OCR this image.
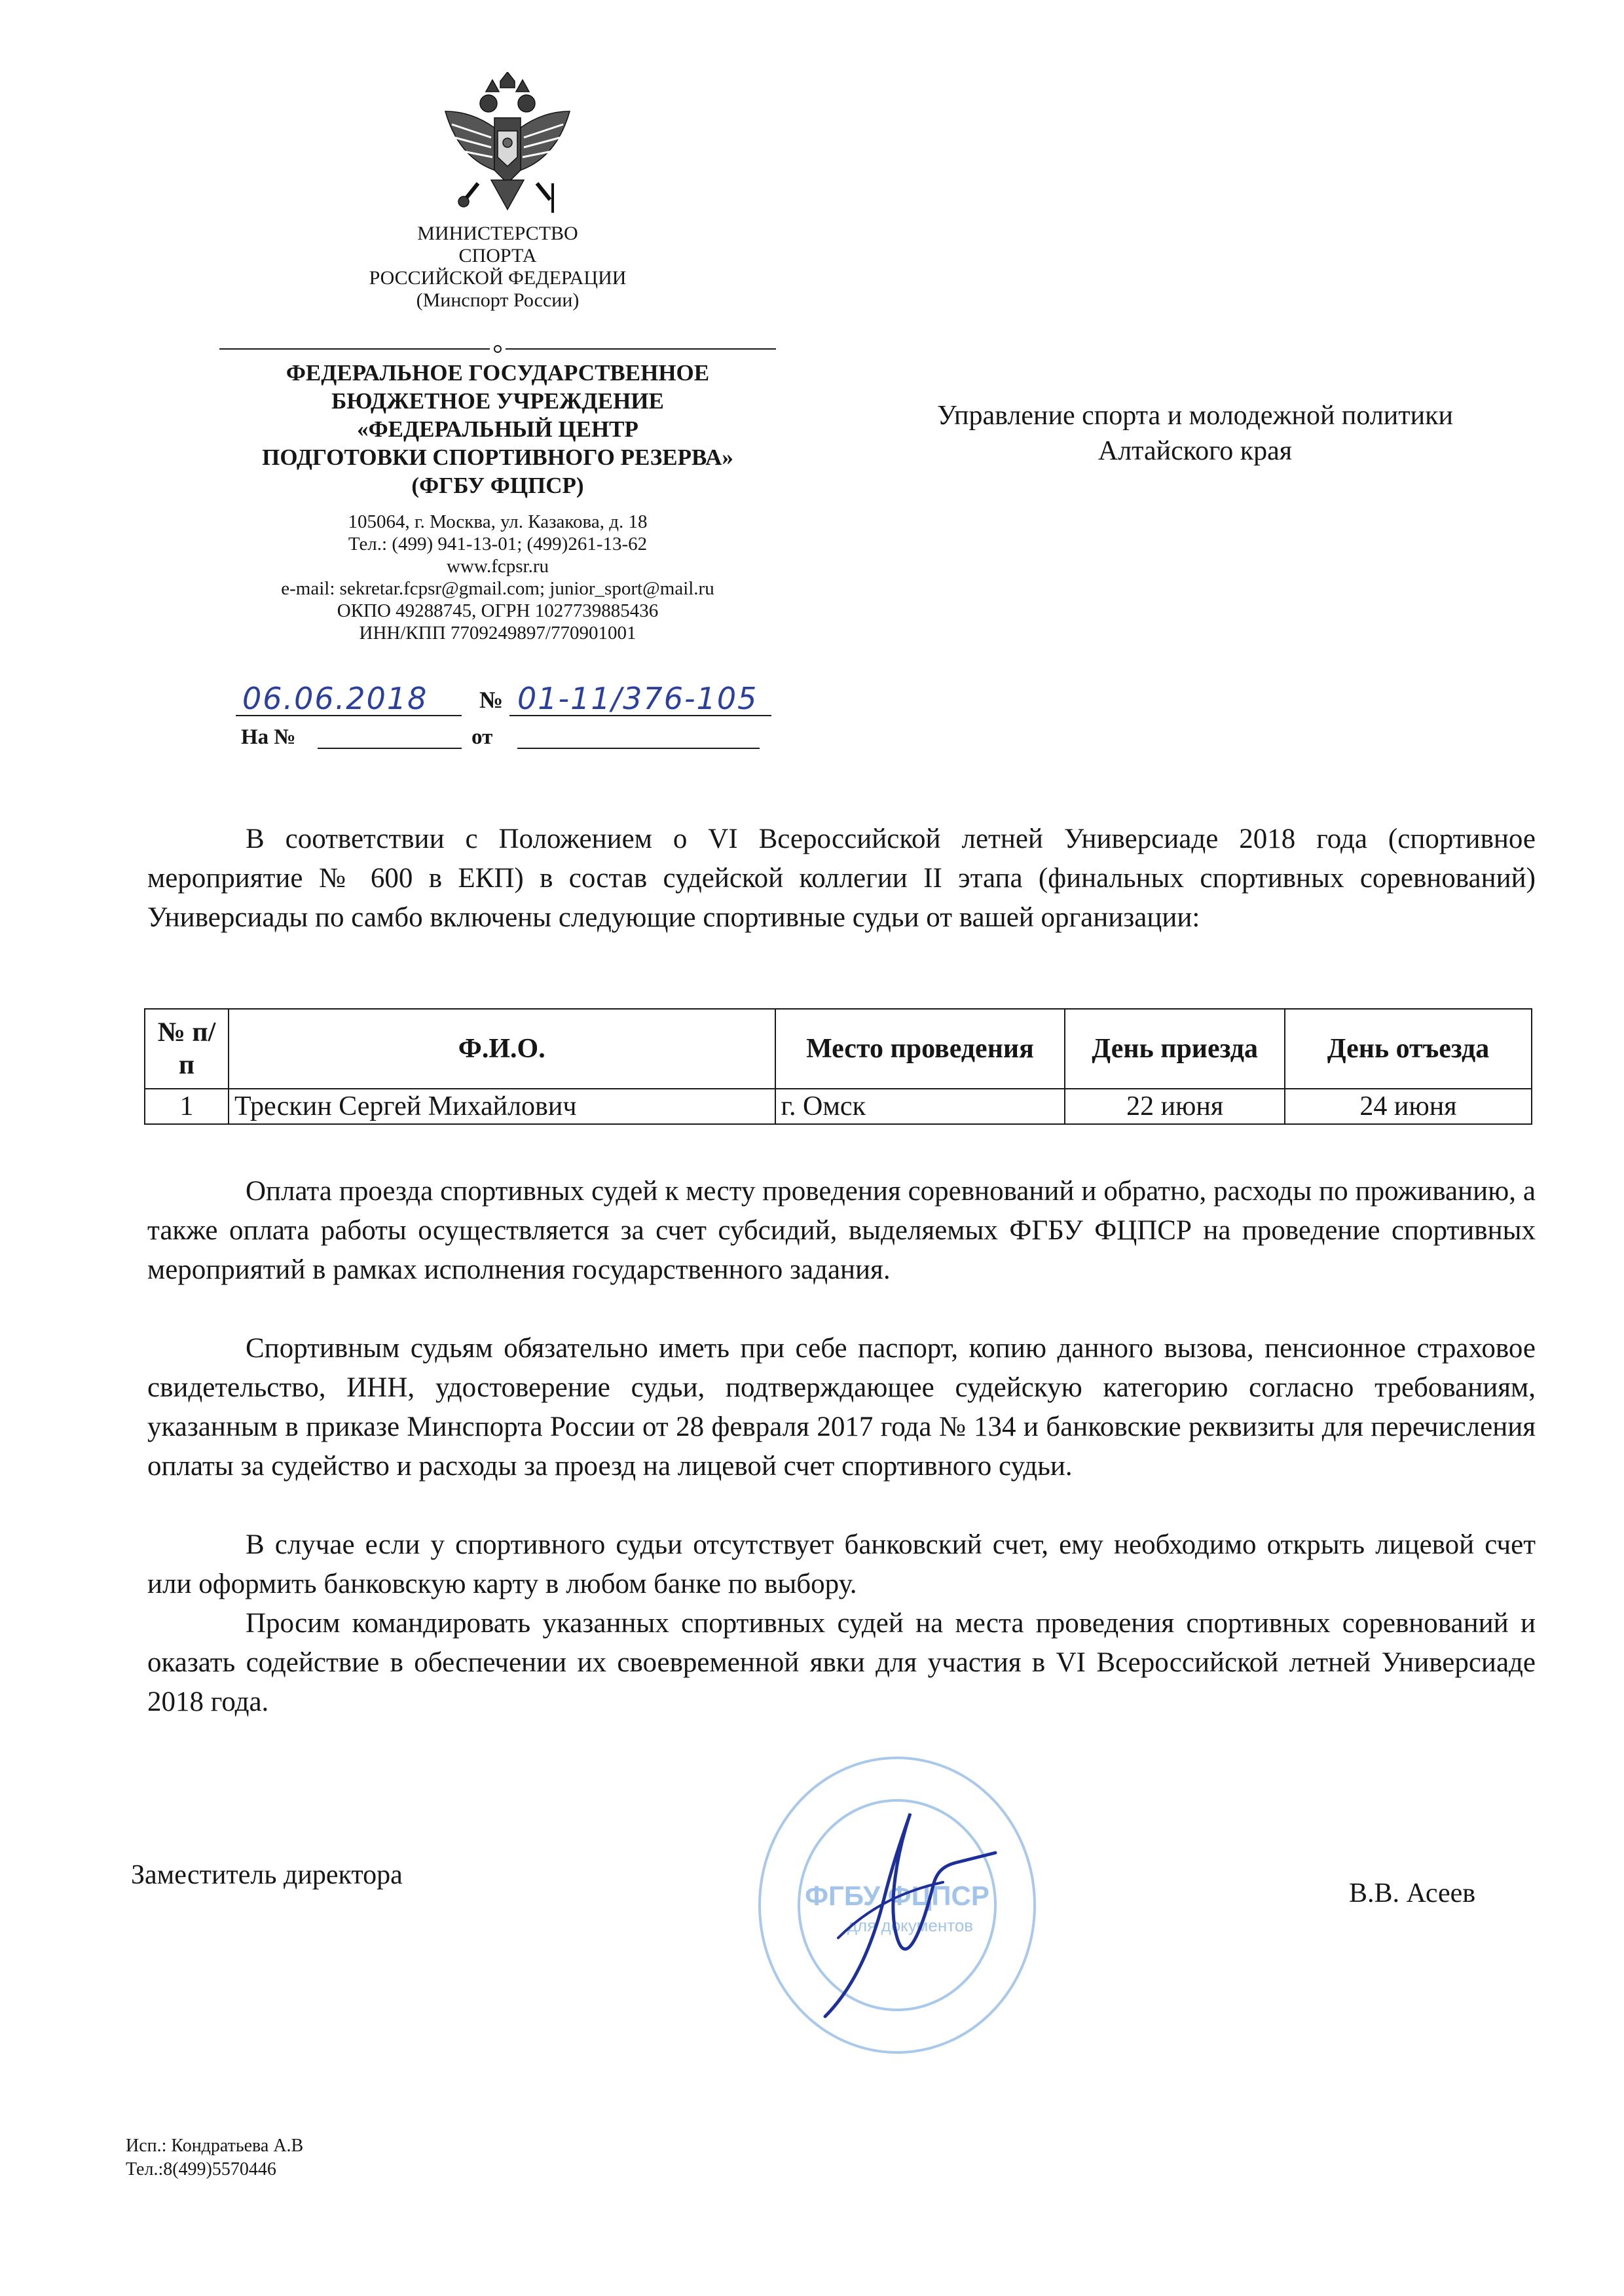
МИНИСТЕРСТВО
СПОРТА
РОССИЙСКОЙ ФЕДЕРАЦИИ
(Минспорт России)
ФЕДЕРАЛЬНОЕ ГОСУДАРСТВЕННОЕ
БЮДЖЕТНОЕ УЧРЕЖДЕНИЕ
«ФЕДЕРАЛЬНЫЙ ЦЕНТР
ПОДГОТОВКИ СПОРТИВНОГО РЕЗЕРВА»
(ФГБУ ФЦПСР)
105064, г. Москва, ул. Казакова, д. 18
Тел.: (499) 941-13-01; (499)261-13-62
www.fcpsr.ru
e-mail: sekretar.fcpsr@gmail.com; junior_sport@mail.ru
ОКПО 49288745, ОГРН 1027739885436
ИНН/КПП 7709249897/770901001
06.06.2018 № 01-11/376-105
На №	от
Управление спорта и молодежной политики
Алтайского края
В соответствии с Положением о VI Всероссийской летней Универсиаде 2018 года (спортивное мероприятие № 600 в ЕКП) в состав судейской коллегии II этапа (финальных спортивных соревнований) Универсиады по самбо включены следующие спортивные судьи от вашей организации:
№ п/п	Ф.И.О.	Место проведения	День приезда	День отъезда
1	Трескин Сергей Михайлович	г. Омск	22 июня	24 июня
Оплата проезда спортивных судей к месту проведения соревнований и обратно, расходы по проживанию, а также оплата работы осуществляется за счет субсидий, выделяемых ФГБУ ФЦПСР на проведение спортивных мероприятий в рамках исполнения государственного задания.
Спортивным судьям обязательно иметь при себе паспорт, копию данного вызова, пенсионное страховое свидетельство, ИНН, удостоверение судьи, подтверждающее судейскую категорию согласно требованиям, указанным в приказе Минспорта России от 28 февраля 2017 года № 134 и банковские реквизиты для перечисления оплаты за судейство и расходы за проезд на лицевой счет спортивного судьи.
В случае если у спортивного судьи отсутствует банковский счет, ему необходимо открыть лицевой счет или оформить банковскую карту в любом банке по выбору.
Просим командировать указанных спортивных судей на места проведения спортивных соревнований и оказать содействие в обеспечении их своевременной явки для участия в VI Всероссийской летней Универсиаде 2018 года.
ФГБУ ФЦПСР
для документов
Заместитель директора
В.В. Асеев
Исп.: Кондратьева А.В
Тел.:8(499)5570446
